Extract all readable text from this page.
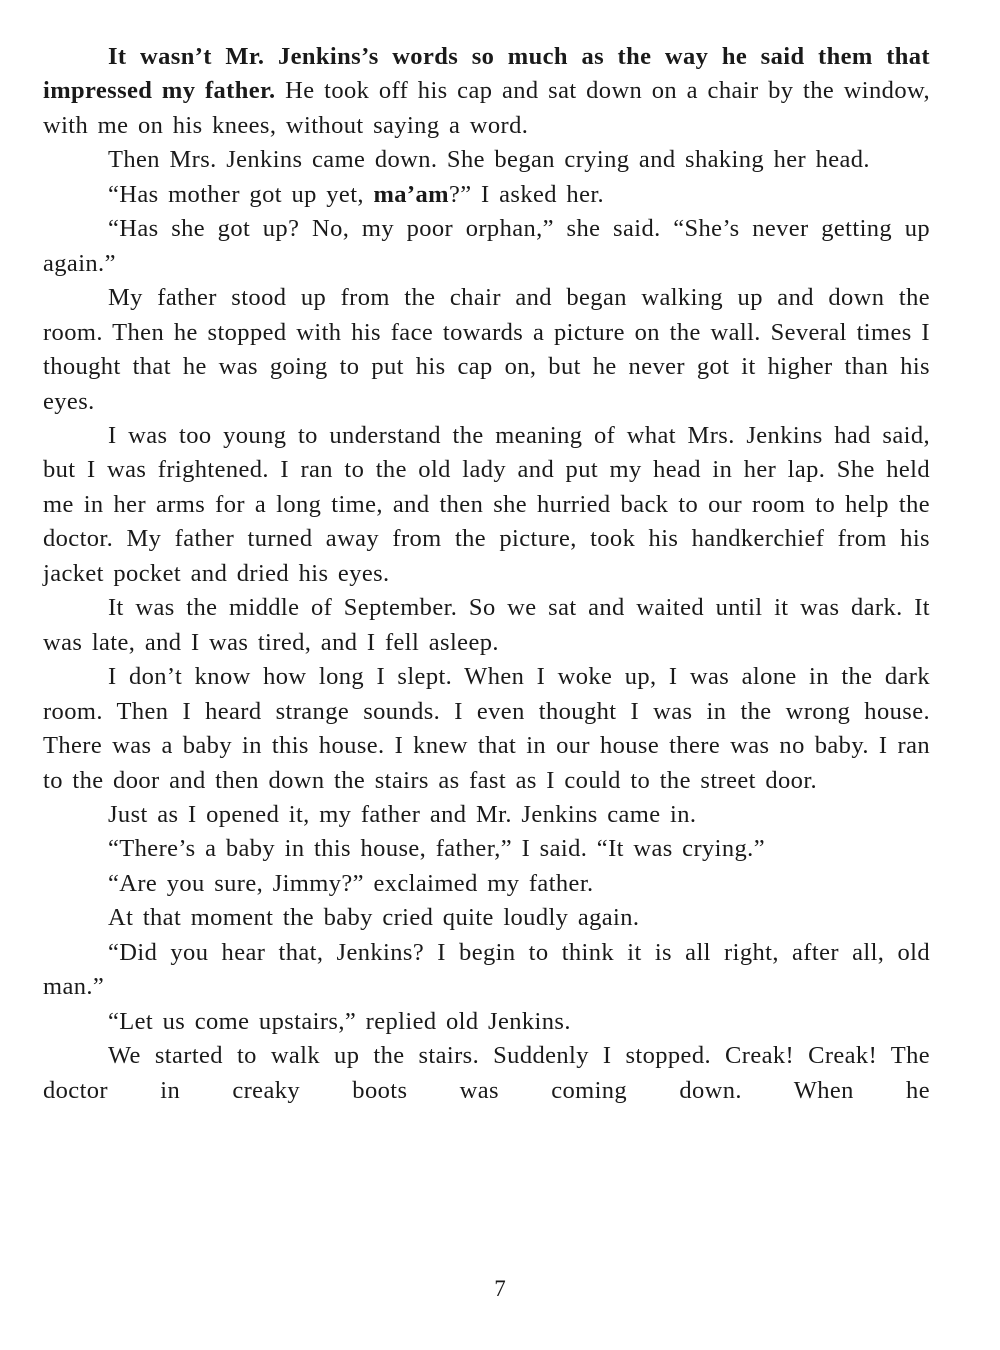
It wasn’t Mr. Jenkins’s words so much as the way he said them that impressed my father. He took off his cap and sat down on a chair by the window, with me on his knees, without saying a word.

Then Mrs. Jenkins came down. She began crying and shaking her head.

“Has mother got up yet, ma’am?” I asked her.

“Has she got up? No, my poor orphan,” she said. “She’s never getting up again.”

My father stood up from the chair and began walking up and down the room. Then he stopped with his face towards a picture on the wall. Several times I thought that he was going to put his cap on, but he never got it higher than his eyes.

I was too young to understand the meaning of what Mrs. Jenkins had said, but I was frightened. I ran to the old lady and put my head in her lap. She held me in her arms for a long time, and then she hurried back to our room to help the doctor. My father turned away from the picture, took his handkerchief from his jacket pocket and dried his eyes.

It was the middle of September. So we sat and waited until it was dark. It was late, and I was tired, and I fell asleep.

I don’t know how long I slept. When I woke up, I was alone in the dark room. Then I heard strange sounds. I even thought I was in the wrong house. There was a baby in this house. I knew that in our house there was no baby. I ran to the door and then down the stairs as fast as I could to the street door.

Just as I opened it, my father and Mr. Jenkins came in.

“There’s a baby in this house, father,” I said. “It was crying.”

“Are you sure, Jimmy?” exclaimed my father.

At that moment the baby cried quite loudly again.

“Did you hear that, Jenkins? I begin to think it is all right, after all, old man.”

“Let us come upstairs,” replied old Jenkins.

We started to walk up the stairs. Suddenly I stopped. Creak! Creak! The doctor in creaky boots was coming down. When he

7
